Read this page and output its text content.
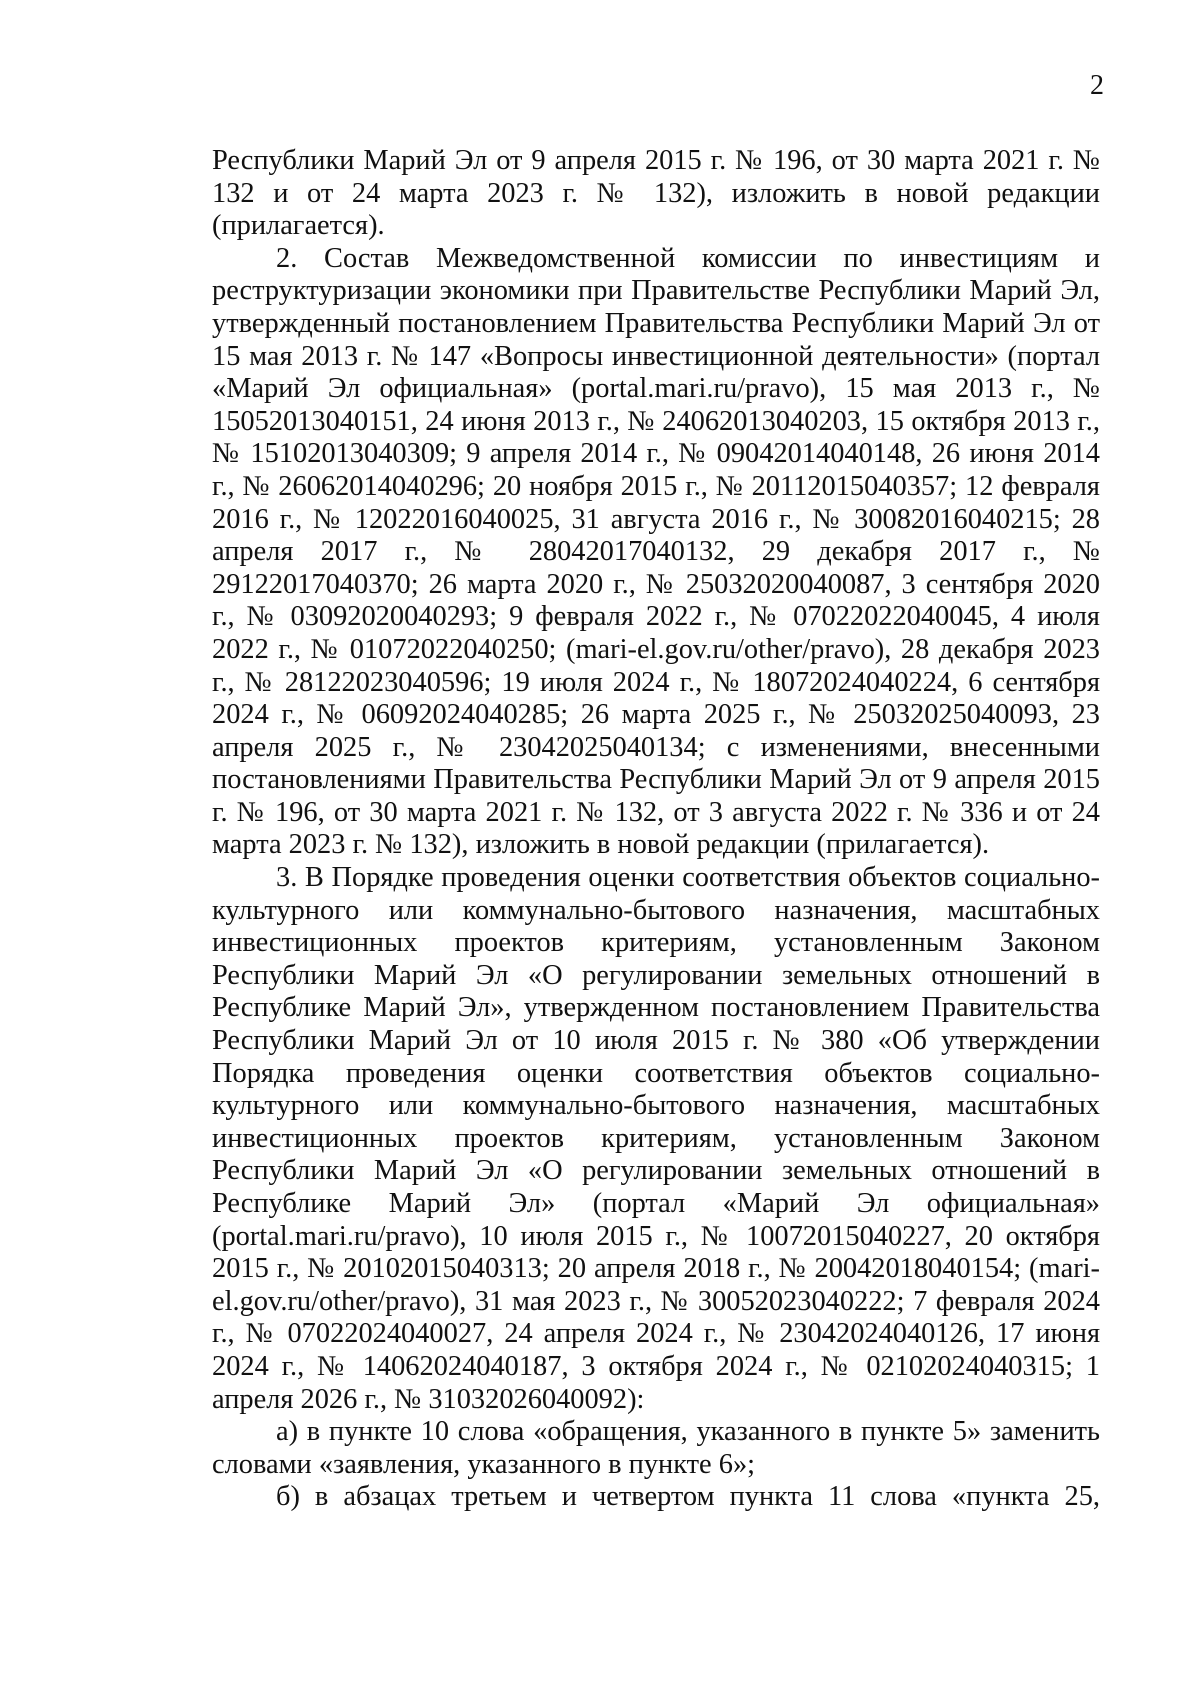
2

Республики Марий Эл от 9 апреля 2015 г. № 196, от 30 марта 2021 г. № 132 и от 24 марта 2023 г. № 132), изложить в новой редакции (прилагается).

2. Состав Межведомственной комиссии по инвестициям и реструктуризации экономики при Правительстве Республики Марий Эл, утвержденный постановлением Правительства Республики Марий Эл от 15 мая 2013 г. № 147 «Вопросы инвестиционной деятельности» (портал «Марий Эл официальная» (portal.mari.ru/pravo), 15 мая 2013 г., № 15052013040151, 24 июня 2013 г., № 24062013040203, 15 октября 2013 г., № 15102013040309; 9 апреля 2014 г., № 09042014040148, 26 июня 2014 г., № 26062014040296; 20 ноября 2015 г., № 20112015040357; 12 февраля 2016 г., № 12022016040025, 31 августа 2016 г., № 30082016040215; 28 апреля 2017 г., № 28042017040132, 29 декабря 2017 г., № 29122017040370; 26 марта 2020 г., № 25032020040087, 3 сентября 2020 г., № 03092020040293; 9 февраля 2022 г., № 07022022040045, 4 июля 2022 г., № 01072022040250; (mari-el.gov.ru/other/pravo), 28 декабря 2023 г., № 28122023040596; 19 июля 2024 г., № 18072024040224, 6 сентября 2024 г., № 06092024040285; 26 марта 2025 г., № 25032025040093, 23 апреля 2025 г., № 23042025040134; с изменениями, внесенными постановлениями Правительства Республики Марий Эл от 9 апреля 2015 г. № 196, от 30 марта 2021 г. № 132, от 3 августа 2022 г. № 336 и от 24 марта 2023 г. № 132), изложить в новой редакции (прилагается).

3. В Порядке проведения оценки соответствия объектов социально-культурного или коммунально-бытового назначения, масштабных инвестиционных проектов критериям, установленным Законом Республики Марий Эл «О регулировании земельных отношений в Республике Марий Эл», утвержденном постановлением Правительства Республики Марий Эл от 10 июля 2015 г. № 380 «Об утверждении Порядка проведения оценки соответствия объектов социально-культурного или коммунально-бытового назначения, масштабных инвестиционных проектов критериям, установленным Законом Республики Марий Эл «О регулировании земельных отношений в Республике Марий Эл» (портал «Марий Эл официальная» (portal.mari.ru/pravo), 10 июля 2015 г., № 10072015040227, 20 октября 2015 г., № 20102015040313; 20 апреля 2018 г., № 20042018040154; (mari-el.gov.ru/other/pravo), 31 мая 2023 г., № 30052023040222; 7 февраля 2024 г., № 07022024040027, 24 апреля 2024 г., № 23042024040126, 17 июня 2024 г., № 14062024040187, 3 октября 2024 г., № 02102024040315; 1 апреля 2026 г., № 31032026040092):

а) в пункте 10 слова «обращения, указанного в пункте 5» заменить словами «заявления, указанного в пункте 6»;

б) в абзацах третьем и четвертом пункта 11 слова «пункта 25,
